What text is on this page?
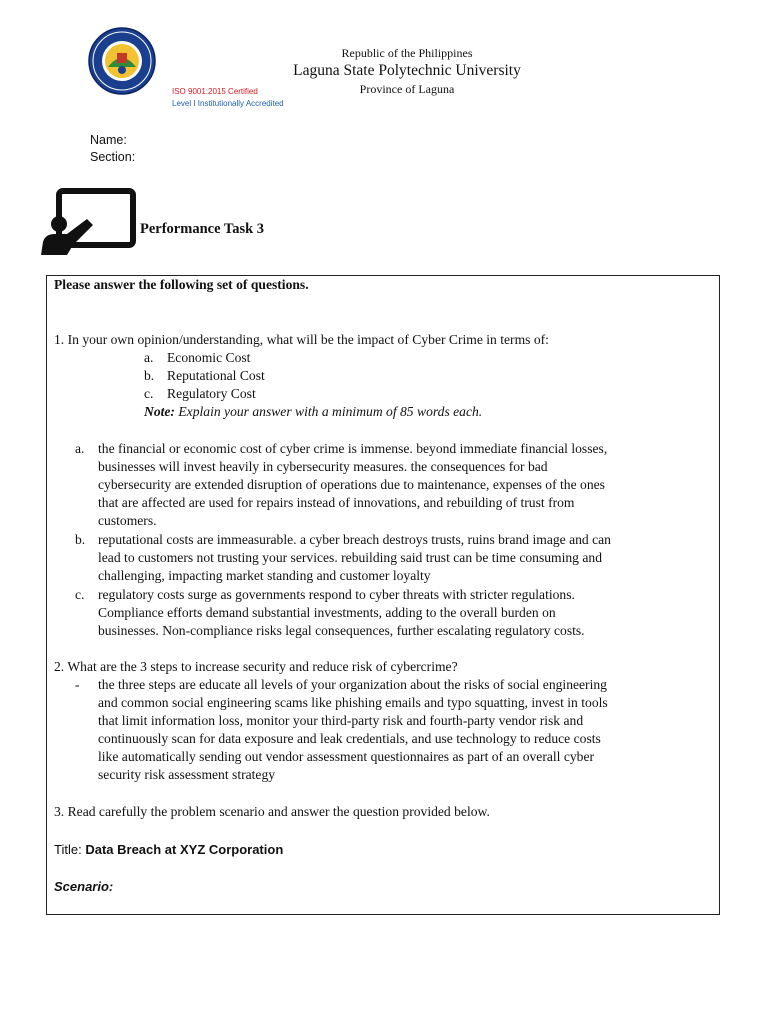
Republic of the Philippines
Laguna State Polytechnic University
Province of Laguna
ISO 9001:2015 Certified
Level I Institutionally Accredited
Name:
Section:
Performance Task 3
Please answer the following set of questions.
1. In your own opinion/understanding, what will be the impact of Cyber Crime in terms of:
a. Economic Cost
b. Reputational Cost
c. Regulatory Cost
Note: Explain your answer with a minimum of 85 words each.
a. the financial or economic cost of cyber crime is immense. beyond immediate financial losses,
businesses will invest heavily in cybersecurity measures. the consequences for bad
cybersecurity are extended disruption of operations due to maintenance, expenses of the ones
that are affected are used for repairs instead of innovations, and rebuilding of trust from
customers.
b. reputational costs are immeasurable. a cyber breach destroys trusts, ruins brand image and can
lead to customers not trusting your services. rebuilding said trust can be time consuming and
challenging, impacting market standing and customer loyalty
c. regulatory costs surge as governments respond to cyber threats with stricter regulations.
Compliance efforts demand substantial investments, adding to the overall burden on
businesses. Non-compliance risks legal consequences, further escalating regulatory costs.
2. What are the 3 steps to increase security and reduce risk of cybercrime?
- the three steps are educate all levels of your organization about the risks of social engineering
and common social engineering scams like phishing emails and typo squatting, invest in tools
that limit information loss, monitor your third-party risk and fourth-party vendor risk and
continuously scan for data exposure and leak credentials, and use technology to reduce costs
like automatically sending out vendor assessment questionnaires as part of an overall cyber
security risk assessment strategy
3. Read carefully the problem scenario and answer the question provided below.
Title: Data Breach at XYZ Corporation
Scenario:
